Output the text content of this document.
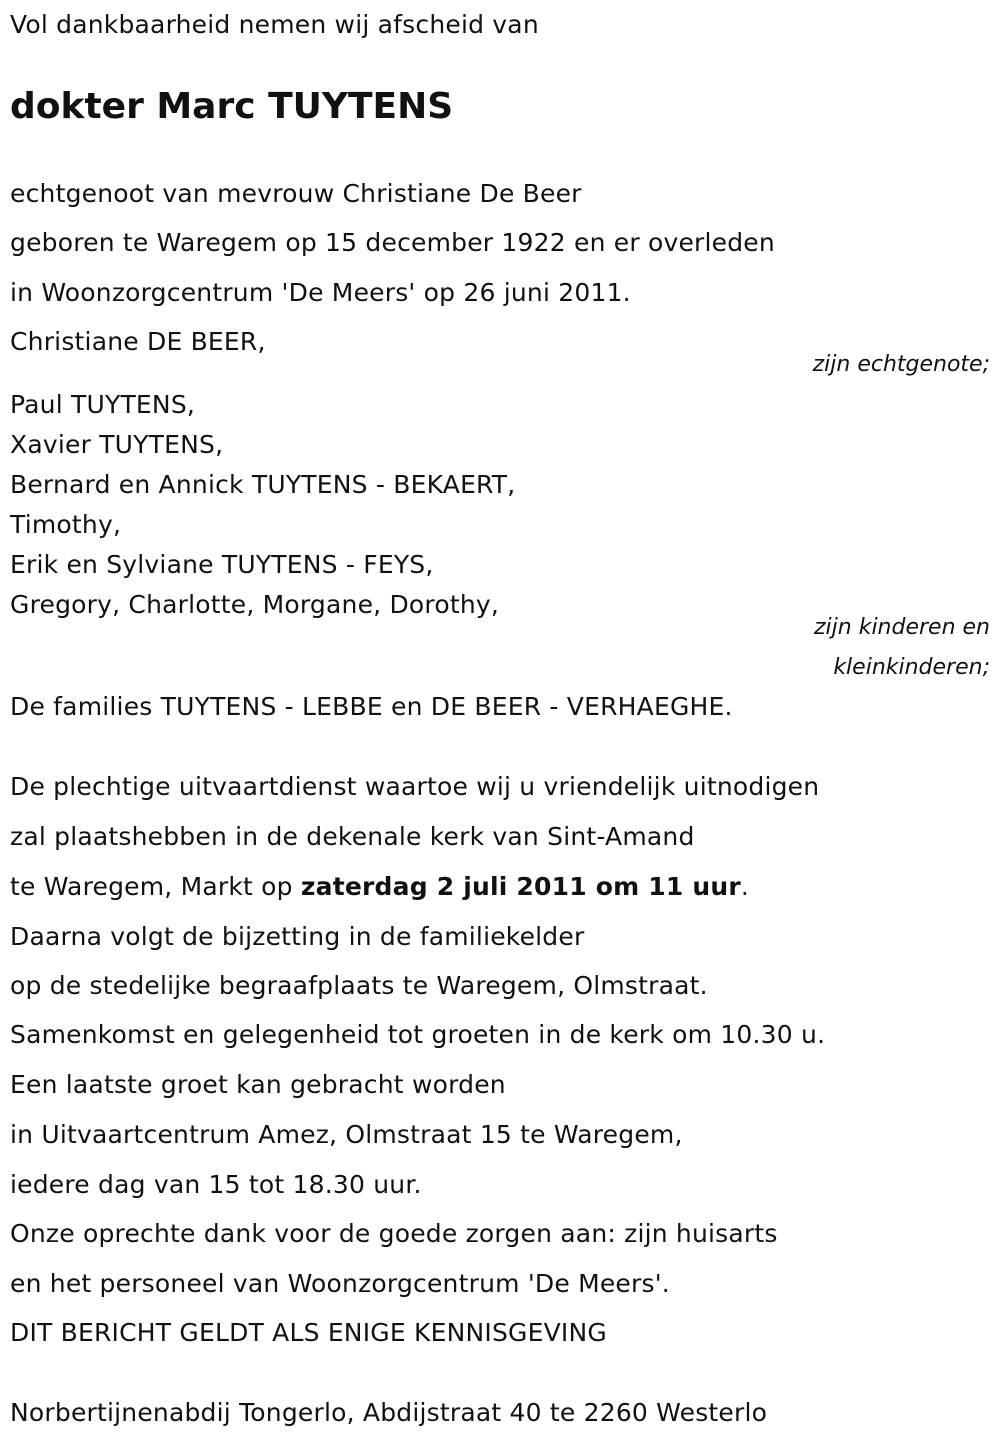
Vol dankbaarheid nemen wij afscheid van
dokter Marc TUYTENS
echtgenoot van mevrouw Christiane De Beer
geboren te Waregem op 15 december 1922 en er overleden
in Woonzorgcentrum 'De Meers' op 26 juni 2011.
Christiane DE BEER,
zijn echtgenote;
Paul TUYTENS,
Xavier TUYTENS,
Bernard en Annick TUYTENS - BEKAERT,
Timothy,
Erik en Sylviane TUYTENS - FEYS,
Gregory, Charlotte, Morgane, Dorothy,
zijn kinderen en
kleinkinderen;
De families TUYTENS - LEBBE en DE BEER - VERHAEGHE.
De plechtige uitvaartdienst waartoe wij u vriendelijk uitnodigen
zal plaatshebben in de dekenale kerk van Sint-Amand
te Waregem, Markt op zaterdag 2 juli 2011 om 11 uur.
Daarna volgt de bijzetting in de familiekelder
op de stedelijke begraafplaats te Waregem, Olmstraat.
Samenkomst en gelegenheid tot groeten in de kerk om 10.30 u.
Een laatste groet kan gebracht worden
in Uitvaartcentrum Amez, Olmstraat 15 te Waregem,
iedere dag van 15 tot 18.30 uur.
Onze oprechte dank voor de goede zorgen aan: zijn huisarts
en het personeel van Woonzorgcentrum 'De Meers'.
DIT BERICHT GELDT ALS ENIGE KENNISGEVING
Norbertijnenabdij Tongerlo, Abdijstraat 40 te 2260 Westerlo
